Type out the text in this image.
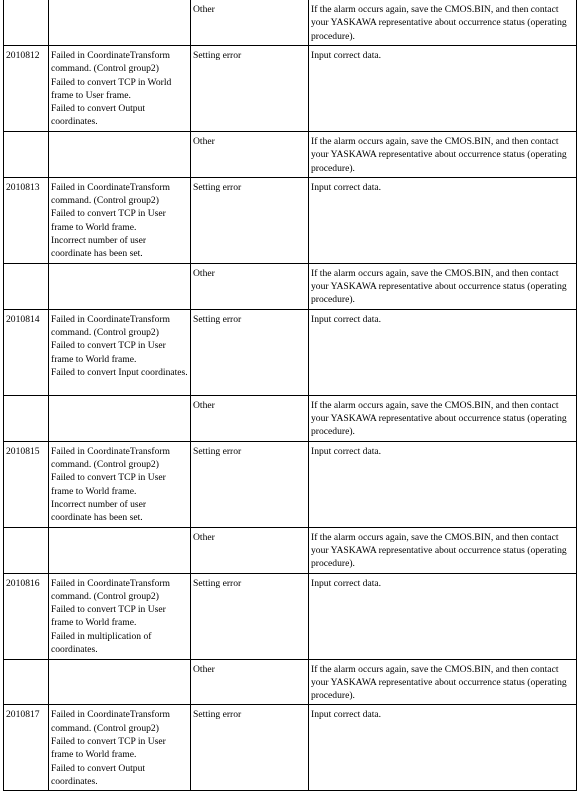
		Other	If the alarm occurs again, save the CMOS.BIN, and then contact your YASKAWA representative about occurrence status (operating procedure).
2010812	Failed in CoordinateTransform command. (Control group2)
Failed to convert TCP in World frame to User frame.
Failed to convert Output coordinates.	Setting error	Input correct data.
		Other	If the alarm occurs again, save the CMOS.BIN, and then contact your YASKAWA representative about occurrence status (operating procedure).
2010813	Failed in CoordinateTransform command. (Control group2)
Failed to convert TCP in User frame to World frame.
Incorrect number of user coordinate has been set.	Setting error	Input correct data.
		Other	If the alarm occurs again, save the CMOS.BIN, and then contact your YASKAWA representative about occurrence status (operating procedure).
2010814	Failed in CoordinateTransform command. (Control group2)
Failed to convert TCP in User frame to World frame.
Failed to convert Input coordinates.	Setting error	Input correct data.
		Other	If the alarm occurs again, save the CMOS.BIN, and then contact your YASKAWA representative about occurrence status (operating procedure).
2010815	Failed in CoordinateTransform command. (Control group2)
Failed to convert TCP in User frame to World frame.
Incorrect number of user coordinate has been set.	Setting error	Input correct data.
		Other	If the alarm occurs again, save the CMOS.BIN, and then contact your YASKAWA representative about occurrence status (operating procedure).
2010816	Failed in CoordinateTransform command. (Control group2)
Failed to convert TCP in User frame to World frame.
Failed in multiplication of coordinates.	Setting error	Input correct data.
		Other	If the alarm occurs again, save the CMOS.BIN, and then contact your YASKAWA representative about occurrence status (operating procedure).
2010817	Failed in CoordinateTransform command. (Control group2)
Failed to convert TCP in User frame to World frame.
Failed to convert Output coordinates.	Setting error	Input correct data.
